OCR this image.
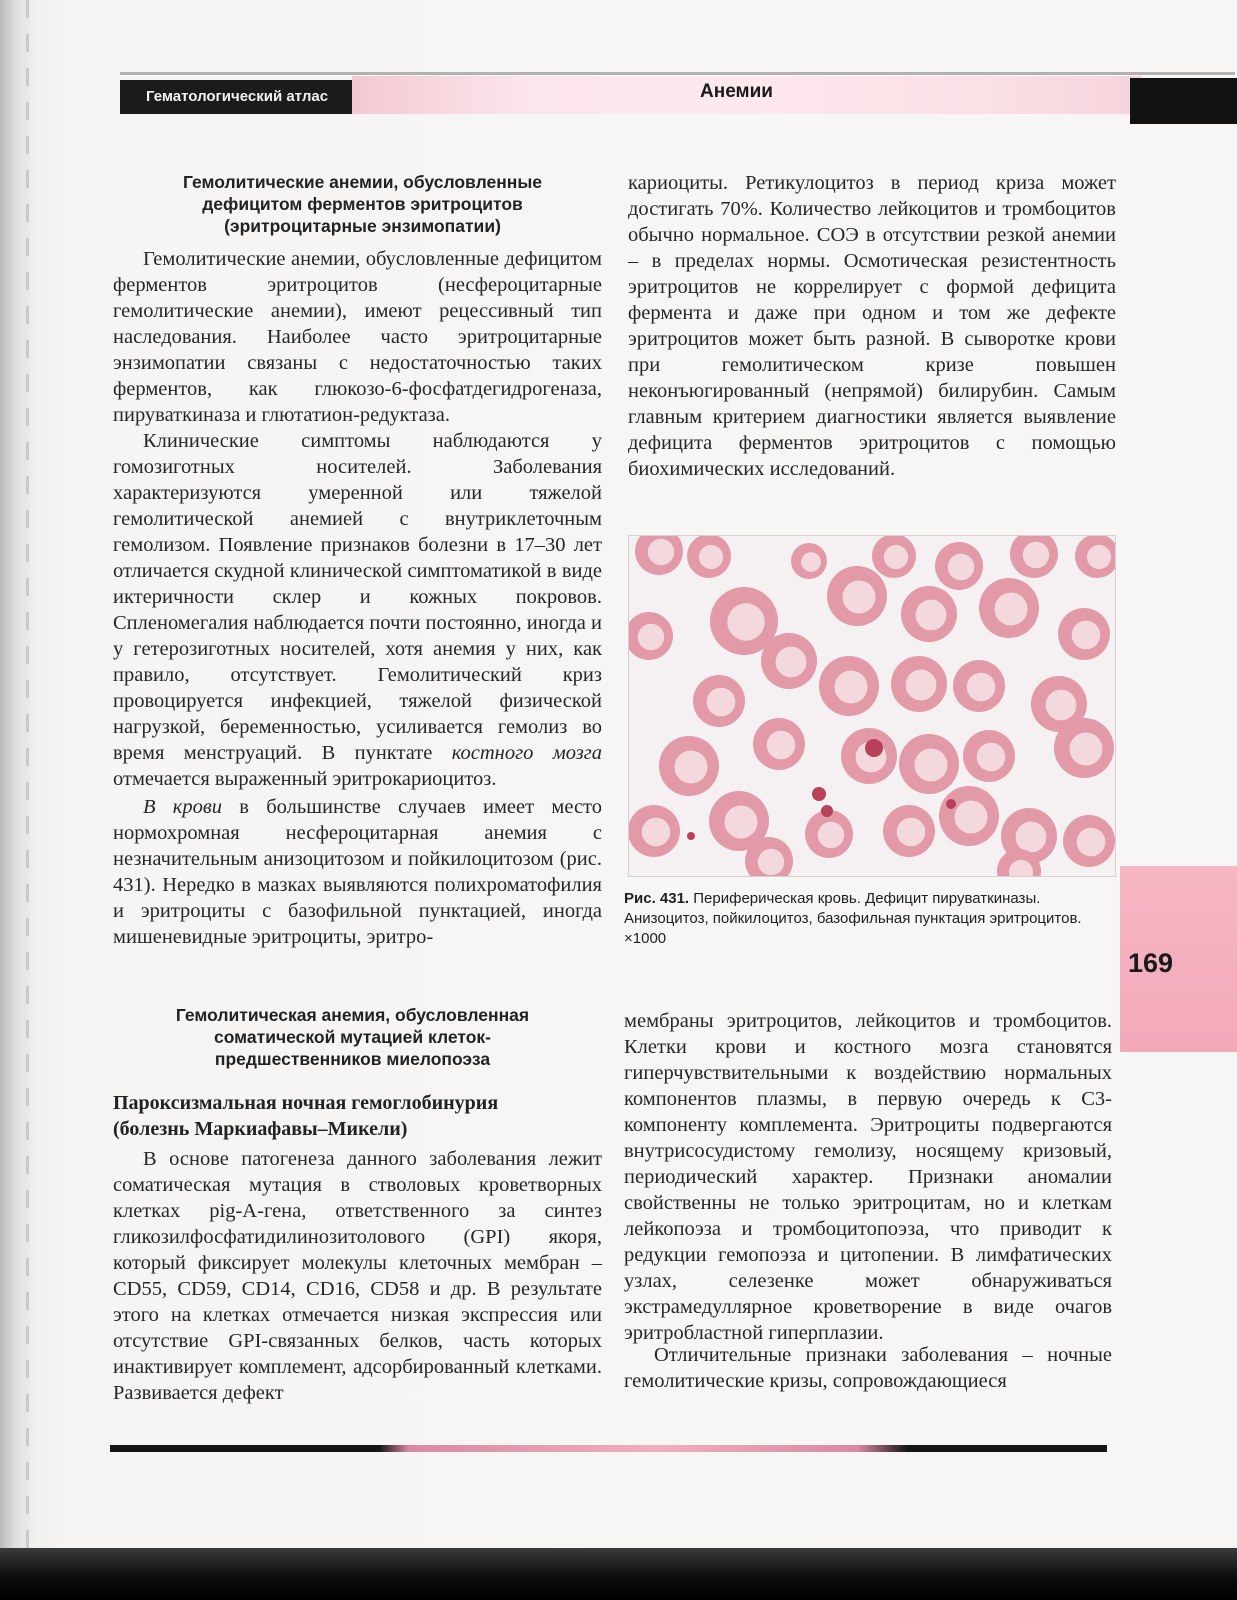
Гематологический атлас	Анемии
169
Гемолитические анемии, обусловленные
дефицитом ферментов эритроцитов
(эритроцитарные энзимопатии)

Гемолитические анемии, обусловленные дефицитом ферментов эритроцитов (несфероцитарные гемолитические анемии), имеют рецессивный тип наследования. Наиболее часто эритроцитарные энзимопатии связаны с недостаточностью таких ферментов, как глюкозо-6-фосфатдегидрогеназа, пируваткиназа и глютатион-редуктаза.

Клинические симптомы наблюдаются у гомозиготных носителей. Заболевания характеризуются умеренной или тяжелой гемолитической анемией с внутриклеточным гемолизом. Появление признаков болезни в 17–30 лет отличается скудной клинической симптоматикой в виде иктеричности склер и кожных покровов. Спленомегалия наблюдается почти постоянно, иногда и у гетерозиготных носителей, хотя анемия у них, как правило, отсутствует. Гемолитический криз провоцируется инфекцией, тяжелой физической нагрузкой, беременностью, усиливается гемолиз во время менструаций. В пунктате костного мозга отмечается выраженный эритрокариоцитоз.

В крови в большинстве случаев имеет место нормохромная несфероцитарная анемия с незначительным анизоцитозом и пойкилоцитозом (рис. 431). Нередко в мазках выявляются полихроматофилия и эритроциты с базофильной пунктацией, иногда мишеневидные эритроциты, эритро-

кариоциты. Ретикулоцитоз в период криза может достигать 70%. Количество лейкоцитов и тромбоцитов обычно нормальное. СОЭ в отсутствии резкой анемии – в пределах нормы. Осмотическая резистентность эритроцитов не коррелирует с формой дефицита фермента и даже при одном и том же дефекте эритроцитов может быть разной. В сыворотке крови при гемолитическом кризе повышен неконъюгированный (непрямой) билирубин. Самым главным критерием диагностики является выявление дефицита ферментов эритроцитов с помощью биохимических исследований.

Рис. 431. Периферическая кровь. Дефицит пируваткиназы. Анизоцитоз, пойкилоцитоз, базофильная пунктация эритроцитов. ×1000

Гемолитическая анемия, обусловленная
соматической мутацией клеток-
предшественников миелопоэза
Пароксизмальная ночная гемоглобинурия
(болезнь Маркиафавы–Микели)

В основе патогенеза данного заболевания лежит соматическая мутация в стволовых кроветворных клетках pig-A-гена, ответственного за синтез гликозилфосфатидилинозитолового (GPI) якоря, который фиксирует молекулы клеточных мембран – CD55, CD59, CD14, CD16, CD58 и др. В результате этого на клетках отмечается низкая экспрессия или отсутствие GPI-связанных белков, часть которых инактивирует комплемент, адсорбированный клетками. Развивается дефект

мембраны эритроцитов, лейкоцитов и тромбоцитов. Клетки крови и костного мозга становятся гиперчувствительными к воздействию нормальных компонентов плазмы, в первую очередь к С3-компоненту комплемента. Эритроциты подвергаются внутрисосудистому гемолизу, носящему кризовый, периодический характер. Признаки аномалии свойственны не только эритроцитам, но и клеткам лейкопоэза и тромбоцитопоэза, что приводит к редукции гемопоэза и цитопении. В лимфатических узлах, селезенке может обнаруживаться экстрамедуллярное кроветворение в виде очагов эритробластной гиперплазии.

Отличительные признаки заболевания – ночные гемолитические кризы, сопровождающиеся
